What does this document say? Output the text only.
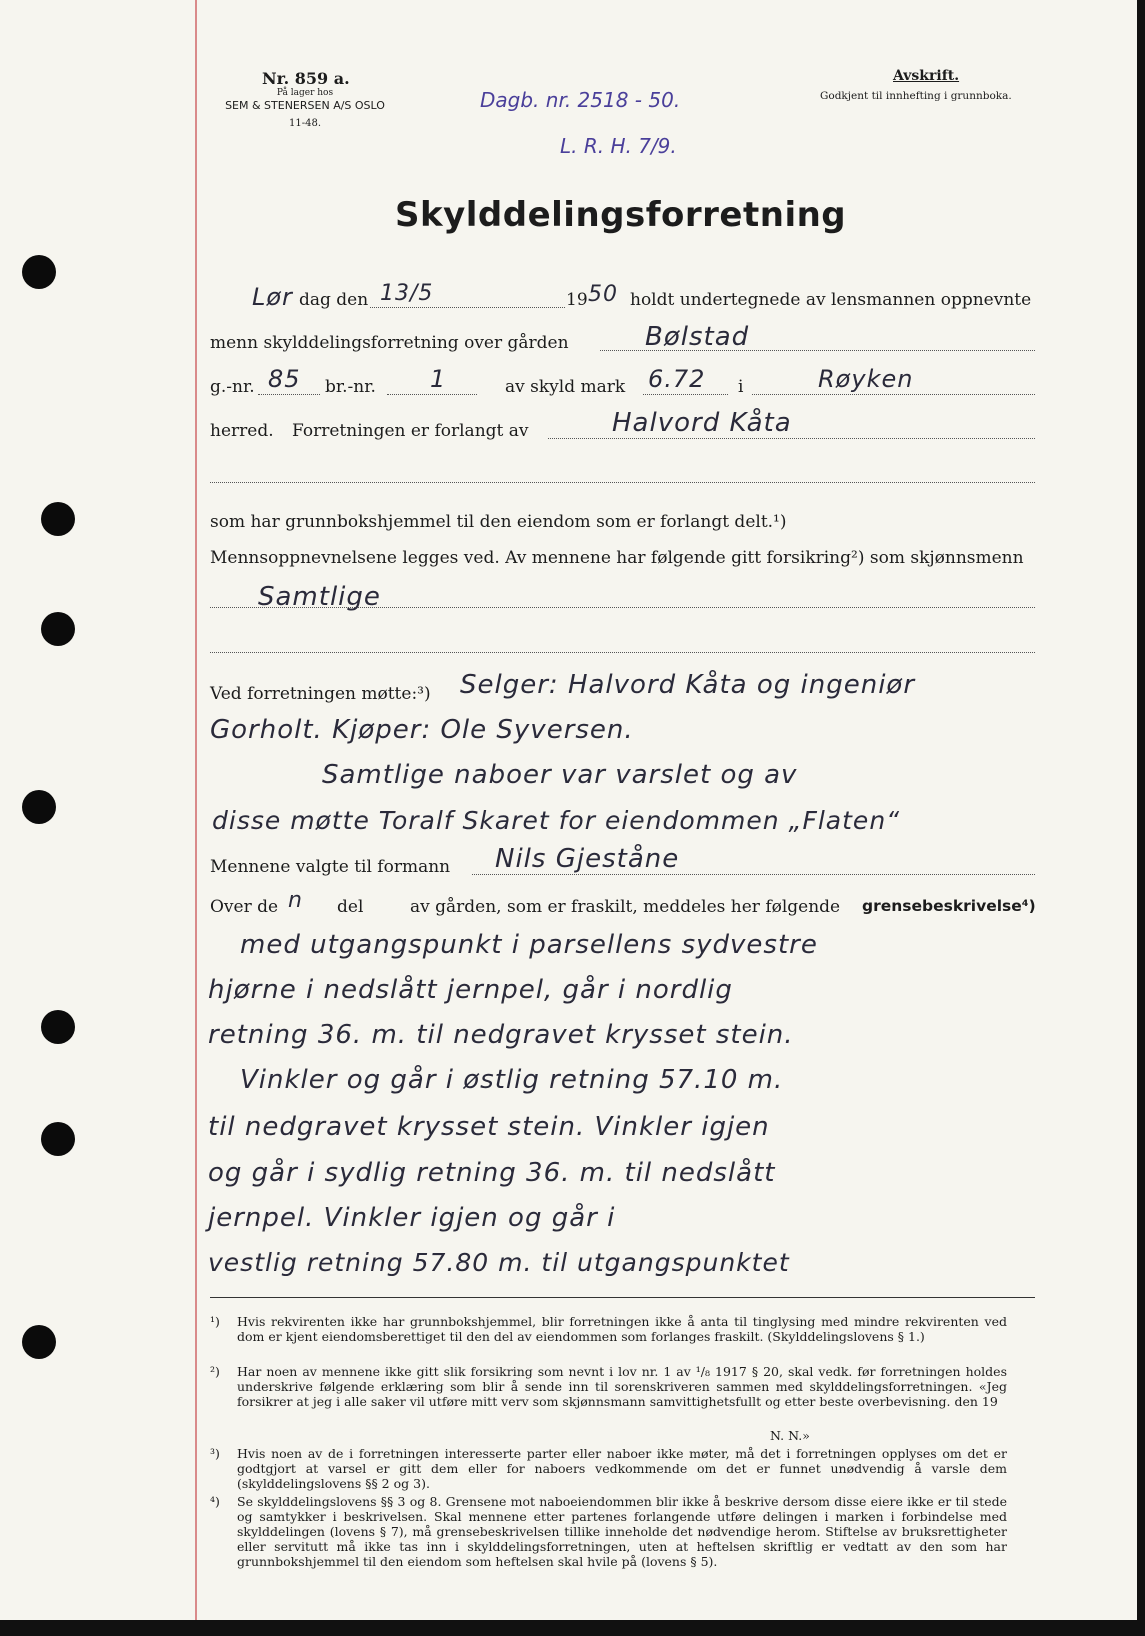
Nr. 859 a.
På lager hos
SEM & STENERSEN A/S OSLO
11-48.
Dagb. nr. 2518 - 50.
L. R. H. 7/9.
Avskrift.
Godkjent til innhefting i grunnboka.
Skylddelingsforretning
Lør dag den 13/5	19 50 holdt undertegnede av lensmannen oppnevnte
menn skylddelingsforretning over gården	Bølstad
g.-nr. 85 br.-nr. 1	av skyld mark 6.72 i	Røyken
herred. Forretningen er forlangt av	Halvord Kåta
som har grunnbokshjemmel til den eiendom som er forlangt delt.¹)
Mennsoppnevnelsene legges ved. Av mennene har følgende gitt forsikring²) som skjønnsmenn
Samtlige
Ved forretningen møtte:³) Selger: Halvord Kåta og ingeniør
Gorholt. Kjøper: Ole Syversen.
Samtlige naboer var varslet og av
disse møtte Toralf Skaret for eiendommen „Flaten“
Mennene valgte til formann Nils Gjeståne
Over de n del	av gården, som er fraskilt, meddeles her følgende grensebeskrivelse⁴)
med utgangspunkt i parsellens sydvestre
hjørne i nedslått jernpel, går i nordlig
retning 36. m. til nedgravet krysset stein.
Vinkler og går i østlig retning 57.10 m.
til nedgravet krysset stein. Vinkler igjen
og går i sydlig retning 36. m. til nedslått
jernpel. Vinkler igjen og går i
vestlig retning 57.80 m. til utgangspunktet
¹) Hvis rekvirenten ikke har grunnbokshjemmel, blir forretningen ikke å anta til tinglysing med mindre rekvirenten ved dom er kjent eiendomsberettiget til den del av eiendommen som forlanges fraskilt. (Skylddelingslovens § 1.)
²) Har noen av mennene ikke gitt slik forsikring som nevnt i lov nr. 1 av ¹/₈ 1917 § 20, skal vedk. før forretningen holdes underskrive følgende erklæring som blir å sende inn til sorenskriveren sammen med skylddelingsforretningen. «Jeg forsikrer at jeg i alle saker vil utføre mitt verv som skjønnsmann samvittighetsfullt og etter beste overbevisning. den 19
N. N.»
³) Hvis noen av de i forretningen interesserte parter eller naboer ikke møter, må det i forretningen opplyses om det er godtgjort at varsel er gitt dem eller for naboers vedkommende om det er funnet unødvendig å varsle dem (skylddelingslovens §§ 2 og 3).
⁴) Se skylddelingslovens §§ 3 og 8. Grensene mot naboeiendommen blir ikke å beskrive dersom disse eiere ikke er til stede og samtykker i beskrivelsen. Skal mennene etter partenes forlangende utføre delingen i marken i forbindelse med skylddelingen (lovens § 7), må grensebeskrivelsen tillike inneholde det nødvendige herom. Stiftelse av bruksrettigheter eller servitutt må ikke tas inn i skylddelingsforretningen, uten at heftelsen skriftlig er vedtatt av den som har grunnbokshjemmel til den eiendom som heftelsen skal hvile på (lovens § 5).
